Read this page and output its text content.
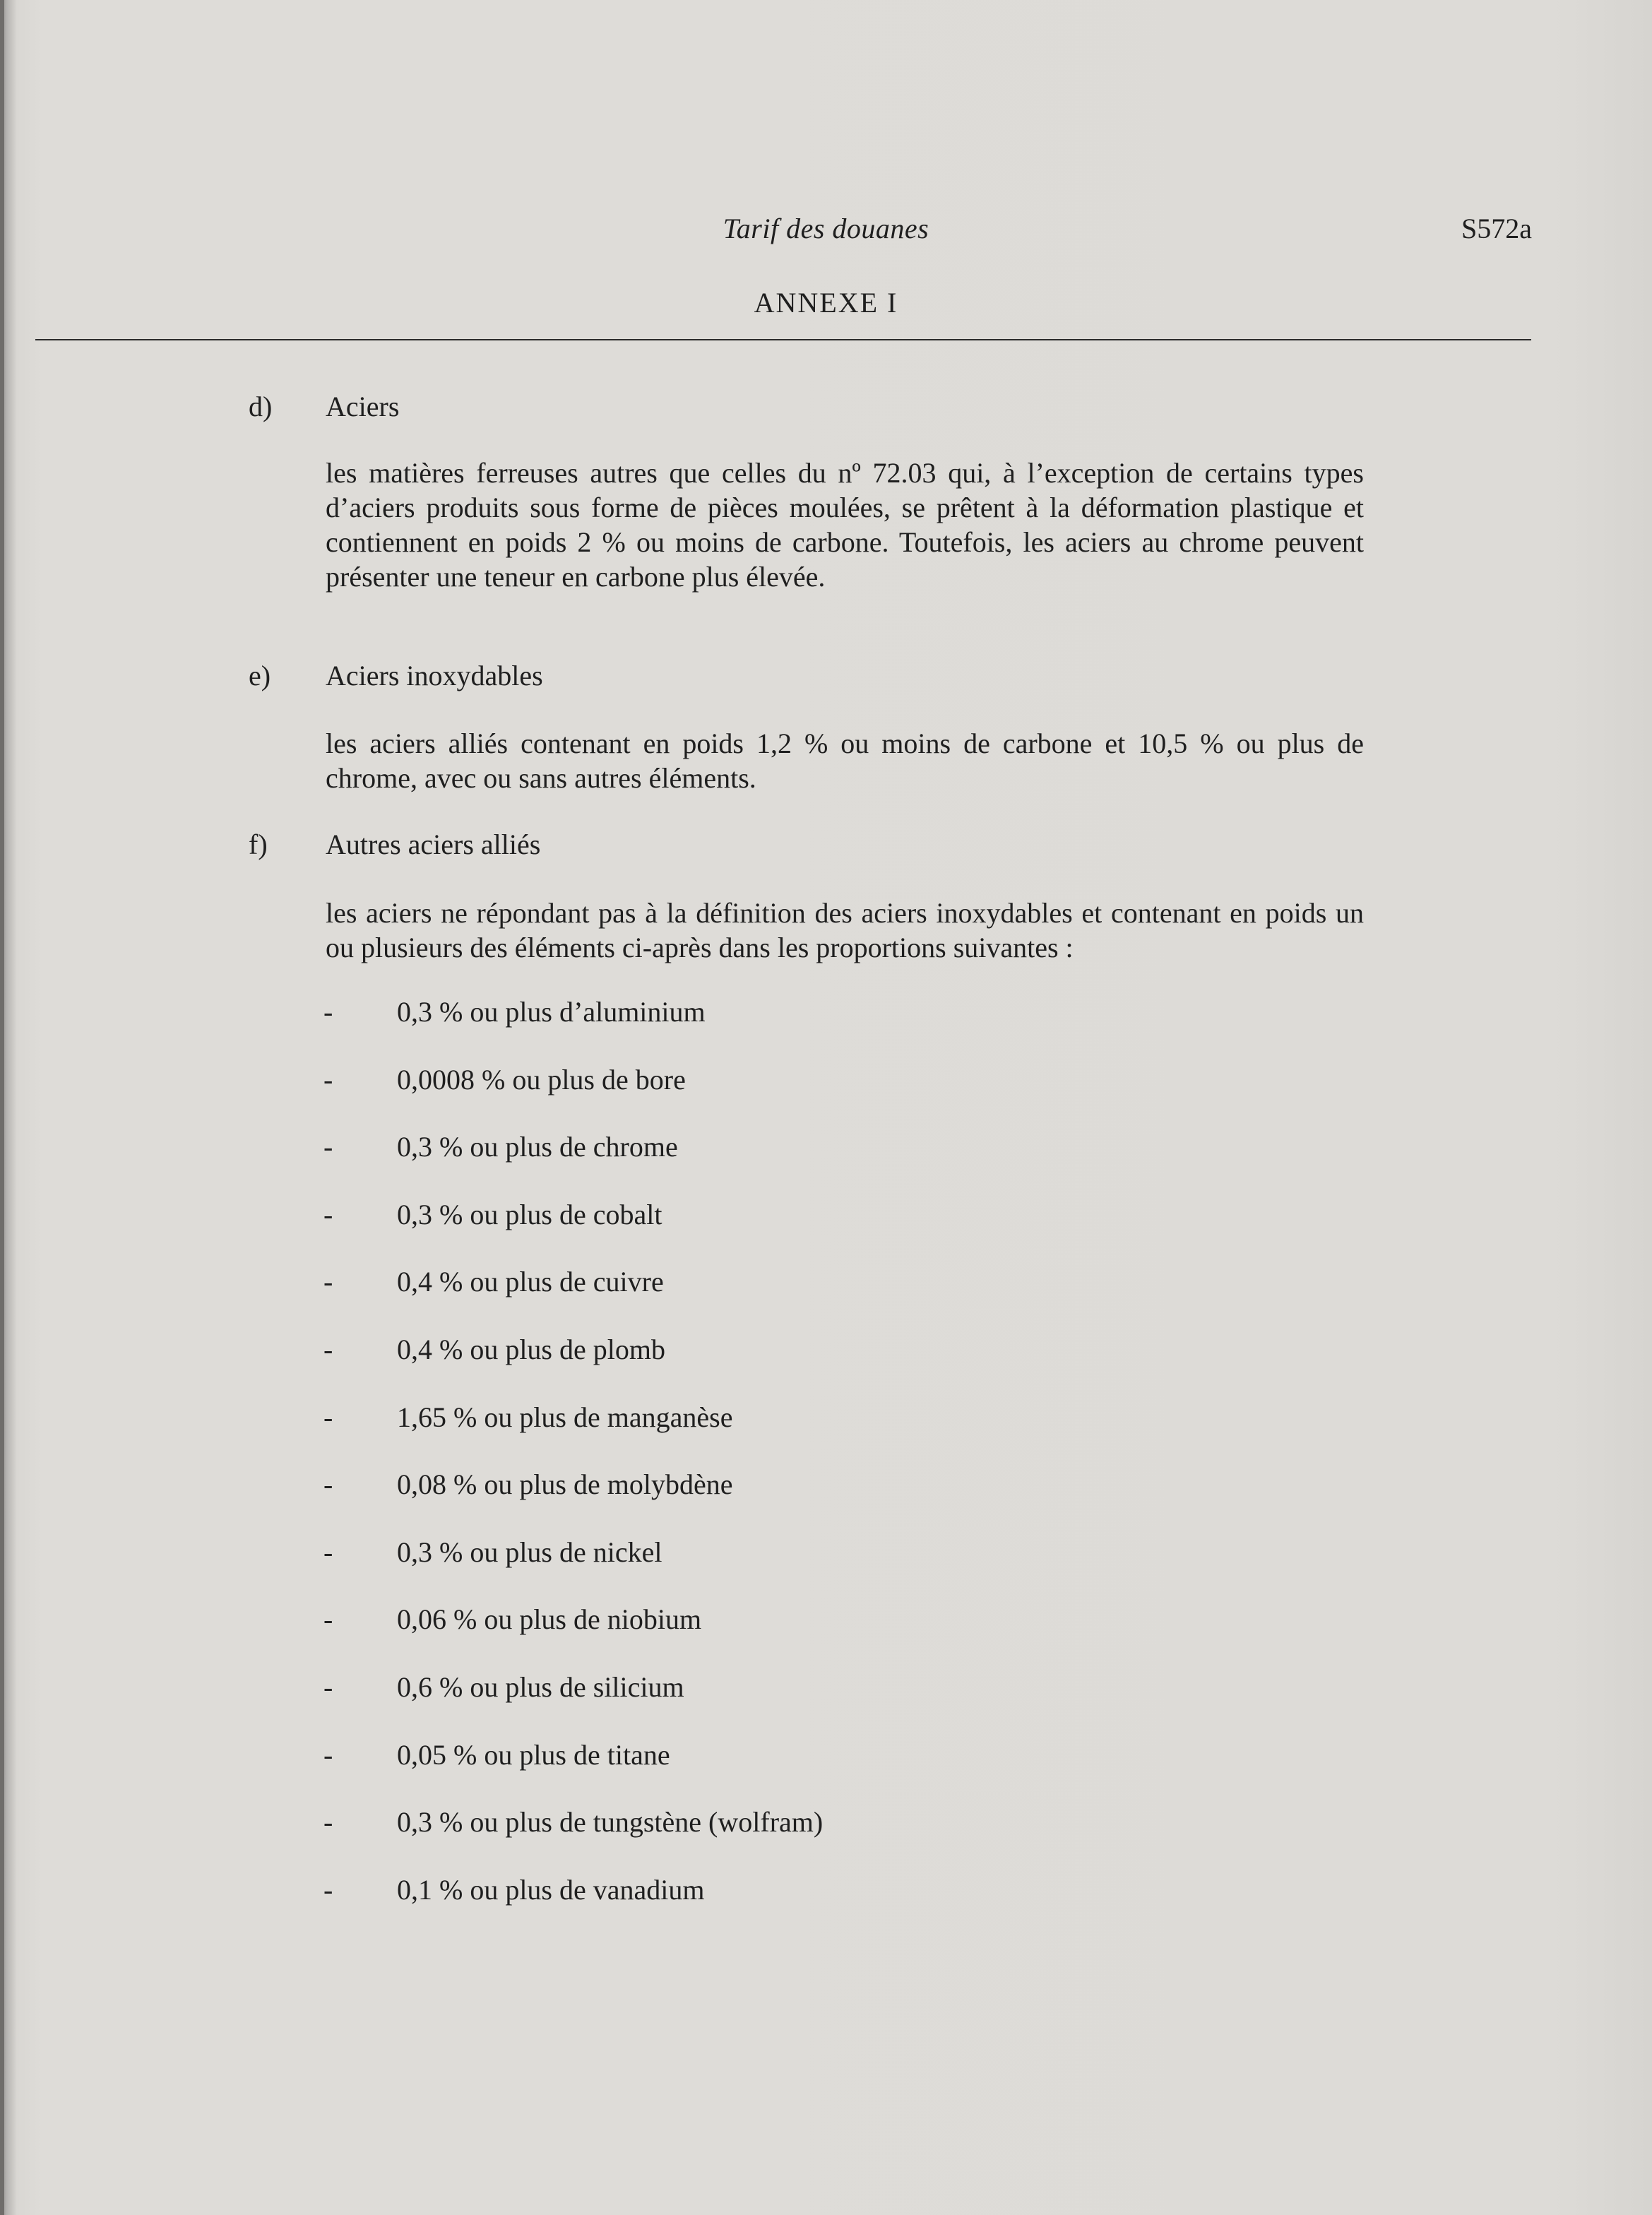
Tarif des douanes	S572a
ANNEXE I
d) Aciers
les matières ferreuses autres que celles du nº 72.03 qui, à l’exception de certains types d’aciers produits sous forme de pièces moulées, se prêtent à la déformation plastique et contiennent en poids 2 % ou moins de carbone. Toutefois, les aciers au chrome peuvent présenter une teneur en carbone plus élevée.
e) Aciers inoxydables
les aciers alliés contenant en poids 1,2 % ou moins de carbone et 10,5 % ou plus de chrome, avec ou sans autres éléments.
f) Autres aciers alliés
les aciers ne répondant pas à la définition des aciers inoxydables et contenant en poids un ou plusieurs des éléments ci-après dans les proportions suivantes :
- 0,3 % ou plus d’aluminium
- 0,0008 % ou plus de bore
- 0,3 % ou plus de chrome
- 0,3 % ou plus de cobalt
- 0,4 % ou plus de cuivre
- 0,4 % ou plus de plomb
- 1,65 % ou plus de manganèse
- 0,08 % ou plus de molybdène
- 0,3 % ou plus de nickel
- 0,06 % ou plus de niobium
- 0,6 % ou plus de silicium
- 0,05 % ou plus de titane
- 0,3 % ou plus de tungstène (wolfram)
- 0,1 % ou plus de vanadium
